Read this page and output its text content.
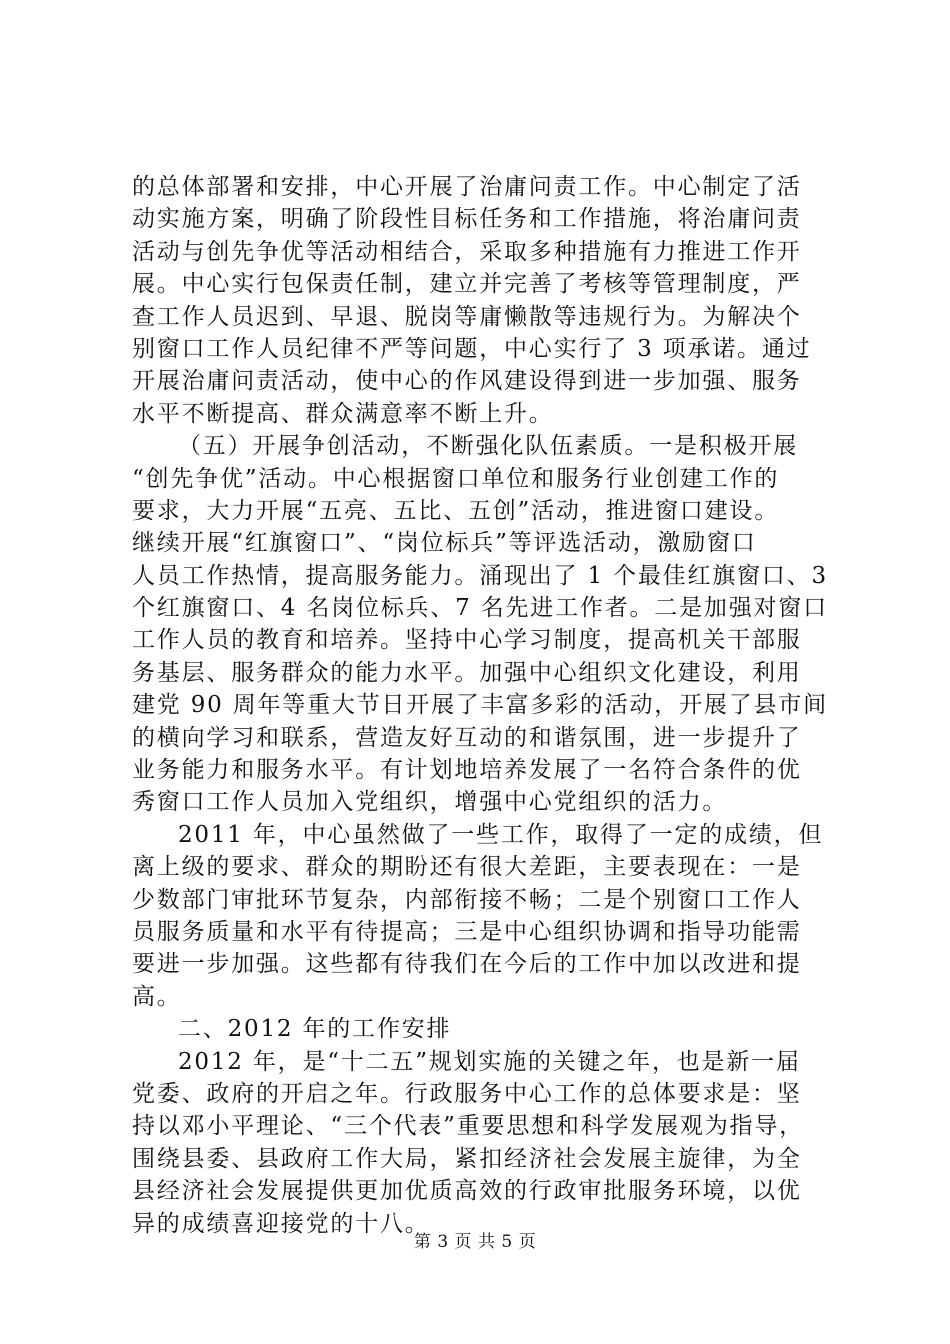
的总体部署和安排，中心开展了治庸问责工作。中心制定了活
动实施方案，明确了阶段性目标任务和工作措施，将治庸问责
活动与创先争优等活动相结合，采取多种措施有力推进工作开
展。中心实行包保责任制，建立并完善了考核等管理制度，严
查工作人员迟到、早退、脱岗等庸懒散等违规行为。为解决个
别窗口工作人员纪律不严等问题，中心实行了 3 项承诺。通过
开展治庸问责活动，使中心的作风建设得到进一步加强、服务
水平不断提高、群众满意率不断上升。
（五）开展争创活动，不断强化队伍素质。一是积极开展
“创先争优”活动。中心根据窗口单位和服务行业创建工作的
要求，大力开展“五亮、五比、五创”活动，推进窗口建设。
继续开展“红旗窗口”、“岗位标兵”等评选活动，激励窗口
人员工作热情，提高服务能力。涌现出了 1 个最佳红旗窗口、3
个红旗窗口、4 名岗位标兵、7 名先进工作者。二是加强对窗口
工作人员的教育和培养。坚持中心学习制度，提高机关干部服
务基层、服务群众的能力水平。加强中心组织文化建设，利用
建党 90 周年等重大节日开展了丰富多彩的活动，开展了县市间
的横向学习和联系，营造友好互动的和谐氛围，进一步提升了
业务能力和服务水平。有计划地培养发展了一名符合条件的优
秀窗口工作人员加入党组织，增强中心党组织的活力。
2011 年，中心虽然做了一些工作，取得了一定的成绩，但
离上级的要求、群众的期盼还有很大差距，主要表现在：一是
少数部门审批环节复杂，内部衔接不畅；二是个别窗口工作人
员服务质量和水平有待提高；三是中心组织协调和指导功能需
要进一步加强。这些都有待我们在今后的工作中加以改进和提
高。
二、2012 年的工作安排
2012 年，是“十二五”规划实施的关键之年，也是新一届
党委、政府的开启之年。行政服务中心工作的总体要求是：坚
持以邓小平理论、“三个代表”重要思想和科学发展观为指导，
围绕县委、县政府工作大局，紧扣经济社会发展主旋律，为全
县经济社会发展提供更加优质高效的行政审批服务环境，以优
异的成绩喜迎接党的十八。
第 3 页 共 5 页
